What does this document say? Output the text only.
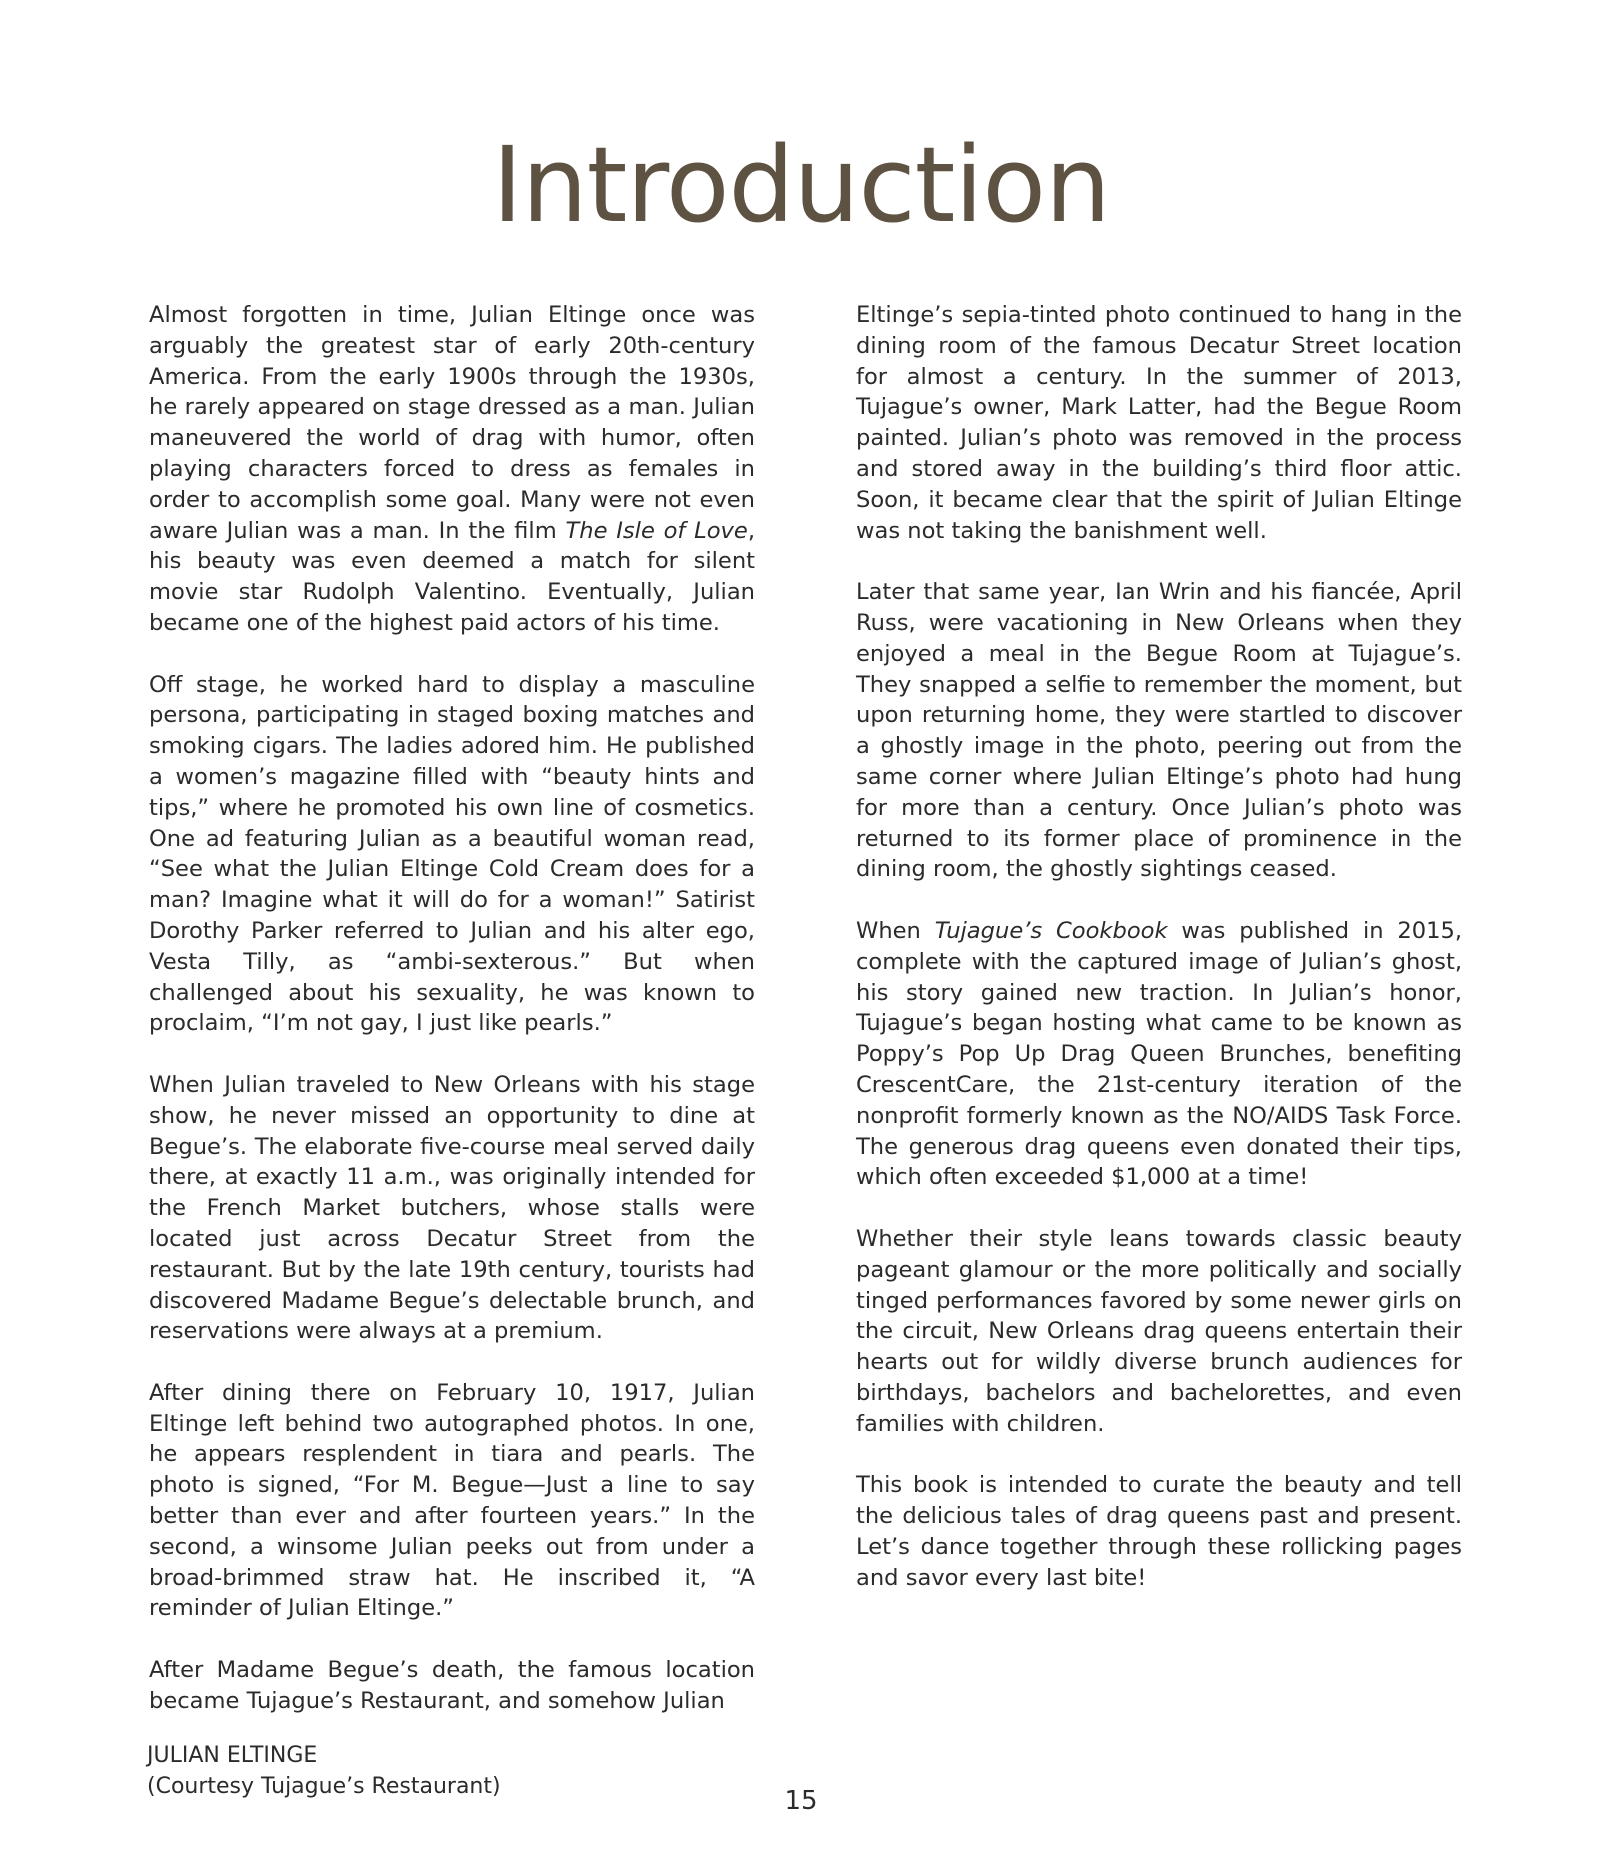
Introduction

Almost forgotten in time, Julian Eltinge once was arguably the greatest star of early 20th-century America. From the early 1900s through the 1930s, he rarely appeared on stage dressed as a man. Julian maneuvered the world of drag with humor, often playing characters forced to dress as females in order to accomplish some goal. Many were not even aware Julian was a man. In the film The Isle of Love, his beauty was even deemed a match for silent movie star Rudolph Valentino. Eventually, Julian became one of the highest paid actors of his time.

Off stage, he worked hard to display a masculine persona, participating in staged boxing matches and smoking cigars. The ladies adored him. He published a women’s magazine filled with “beauty hints and tips,” where he promoted his own line of cosmetics. One ad featuring Julian as a beautiful woman read, “See what the Julian Eltinge Cold Cream does for a man? Imagine what it will do for a woman!” Satirist Dorothy Parker referred to Julian and his alter ego, Vesta Tilly, as “ambi-sexterous.” But when challenged about his sexuality, he was known to proclaim, “I’m not gay, I just like pearls.”

When Julian traveled to New Orleans with his stage show, he never missed an opportunity to dine at Begue’s. The elaborate five-course meal served daily there, at exactly 11 a.m., was originally intended for the French Market butchers, whose stalls were located just across Decatur Street from the restaurant. But by the late 19th century, tourists had discovered Madame Begue’s delectable brunch, and reservations were always at a premium.

After dining there on February 10, 1917, Julian Eltinge left behind two autographed photos. In one, he appears resplendent in tiara and pearls. The photo is signed, “For M. Begue—Just a line to say better than ever and after fourteen years.” In the second, a winsome Julian peeks out from under a broad-brimmed straw hat. He inscribed it, “A reminder of Julian Eltinge.”

After Madame Begue’s death, the famous location became Tujague’s Restaurant, and somehow Julian

Eltinge’s sepia-tinted photo continued to hang in the dining room of the famous Decatur Street location for almost a century. In the summer of 2013, Tujague’s owner, Mark Latter, had the Begue Room painted. Julian’s photo was removed in the process and stored away in the building’s third floor attic. Soon, it became clear that the spirit of Julian Eltinge was not taking the banishment well.

Later that same year, Ian Wrin and his fiancée, April Russ, were vacationing in New Orleans when they enjoyed a meal in the Begue Room at Tujague’s. They snapped a selfie to remember the moment, but upon returning home, they were startled to discover a ghostly image in the photo, peering out from the same corner where Julian Eltinge’s photo had hung for more than a century. Once Julian’s photo was returned to its former place of prominence in the dining room, the ghostly sightings ceased.

When Tujague’s Cookbook was published in 2015, complete with the captured image of Julian’s ghost, his story gained new traction. In Julian’s honor, Tujague’s began hosting what came to be known as Poppy’s Pop Up Drag Queen Brunches, benefiting CrescentCare, the 21st-century iteration of the nonprofit formerly known as the NO/AIDS Task Force. The generous drag queens even donated their tips, which often exceeded $1,000 at a time!

Whether their style leans towards classic beauty pageant glamour or the more politically and socially tinged performances favored by some newer girls on the circuit, New Orleans drag queens entertain their hearts out for wildly diverse brunch audiences for birthdays, bachelors and bachelorettes, and even families with children.

This book is intended to curate the beauty and tell the delicious tales of drag queens past and present. Let’s dance together through these rollicking pages and savor every last bite!

JULIAN ELTINGE
(Courtesy Tujague’s Restaurant)	15
